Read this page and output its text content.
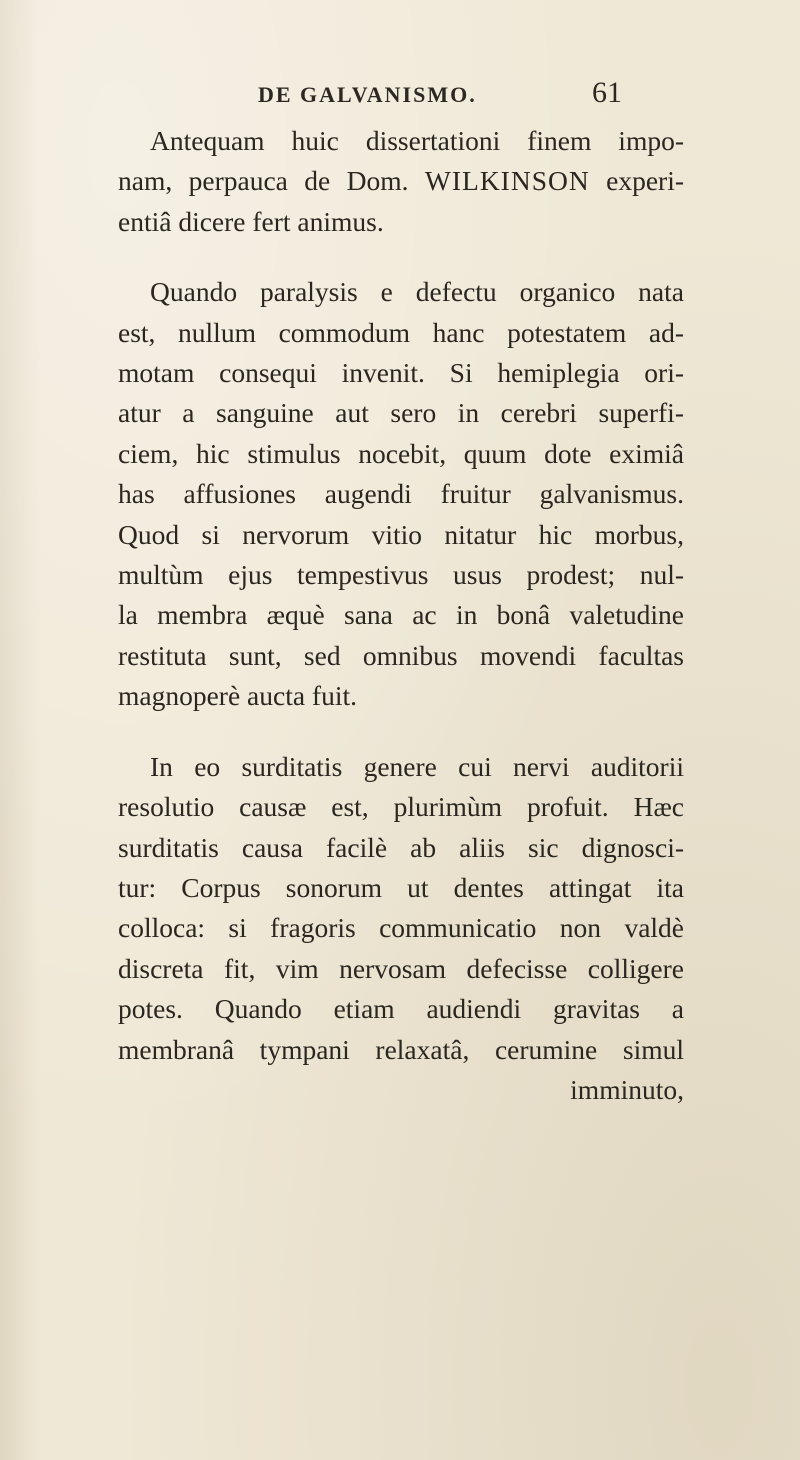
DE GALVANISMO.	61

Antequam huic dissertationi finem impo-
nam, perpauca de Dom. WILKINSON experi-
entiâ dicere fert animus.

Quando paralysis e defectu organico nata
est, nullum commodum hanc potestatem ad-
motam consequi invenit. Si hemiplegia ori-
atur a sanguine aut sero in cerebri superfi-
ciem, hic stimulus nocebit, quum dote eximiâ
has affusiones augendi fruitur galvanismus.
Quod si nervorum vitio nitatur hic morbus,
multùm ejus tempestivus usus prodest; nul-
la membra æquè sana ac in bonâ valetudine
restituta sunt, sed omnibus movendi facultas
magnoperè aucta fuit.

In eo surditatis genere cui nervi auditorii
resolutio causæ est, plurimùm profuit. Hæc
surditatis causa facilè ab aliis sic dignosci-
tur: Corpus sonorum ut dentes attingat ita
colloca: si fragoris communicatio non valdè
discreta fit, vim nervosam defecisse colligere
potes. Quando etiam audiendi gravitas a
membranâ tympani relaxatâ, cerumine simul
imminuto,
